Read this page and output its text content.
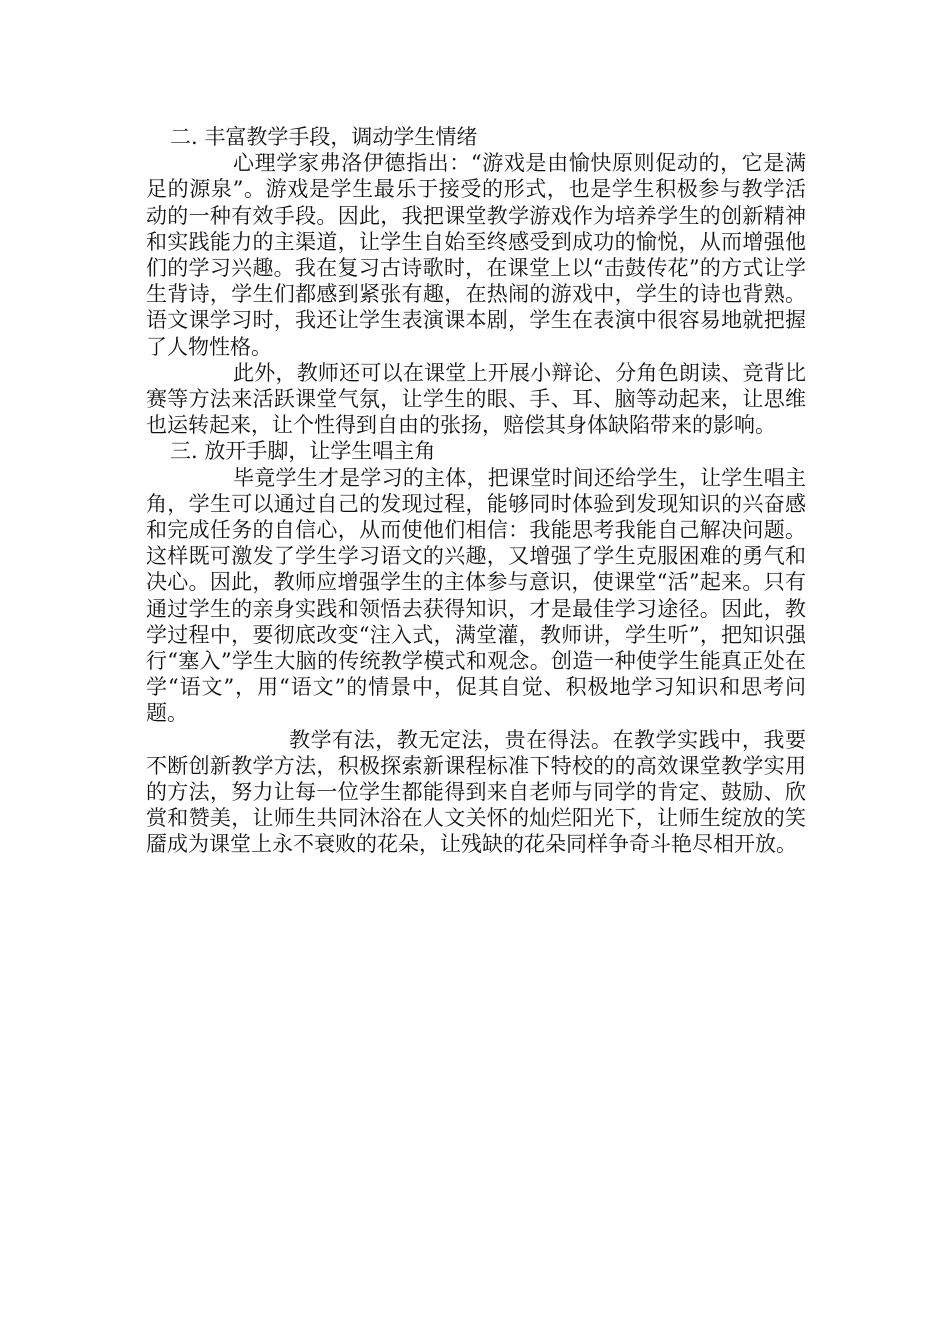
二. 丰富教学手段，调动学生情绪

心理学家弗洛伊德指出：“游戏是由愉快原则促动的，它是满足的源泉”。游戏是学生最乐于接受的形式，也是学生积极参与教学活动的一种有效手段。因此，我把课堂教学游戏作为培养学生的创新精神和实践能力的主渠道，让学生自始至终感受到成功的愉悦，从而增强他们的学习兴趣。我在复习古诗歌时，在课堂上以“击鼓传花”的方式让学生背诗，学生们都感到紧张有趣，在热闹的游戏中，学生的诗也背熟。语文课学习时，我还让学生表演课本剧，学生在表演中很容易地就把握了人物性格。

此外，教师还可以在课堂上开展小辩论、分角色朗读、竞背比赛等方法来活跃课堂气氛，让学生的眼、手、耳、脑等动起来，让思维也运转起来，让个性得到自由的张扬，赔偿其身体缺陷带来的影响。

三. 放开手脚，让学生唱主角

毕竟学生才是学习的主体，把课堂时间还给学生，让学生唱主角，学生可以通过自己的发现过程，能够同时体验到发现知识的兴奋感和完成任务的自信心，从而使他们相信：我能思考我能自己解决问题。这样既可激发了学生学习语文的兴趣，又增强了学生克服困难的勇气和决心。因此，教师应增强学生的主体参与意识，使课堂“活”起来。只有通过学生的亲身实践和领悟去获得知识，才是最佳学习途径。因此，教学过程中，要彻底改变“注入式，满堂灌，教师讲，学生听”，把知识强行“塞入”学生大脑的传统教学模式和观念。创造一种使学生能真正处在学“语文”，用“语文”的情景中，促其自觉、积极地学习知识和思考问题。

教学有法，教无定法，贵在得法。在教学实践中，我要不断创新教学方法，积极探索新课程标准下特校的的高效课堂教学实用的方法，努力让每一位学生都能得到来自老师与同学的肯定、鼓励、欣赏和赞美，让师生共同沐浴在人文关怀的灿烂阳光下，让师生绽放的笑靥成为课堂上永不衰败的花朵，让残缺的花朵同样争奇斗艳尽相开放。
